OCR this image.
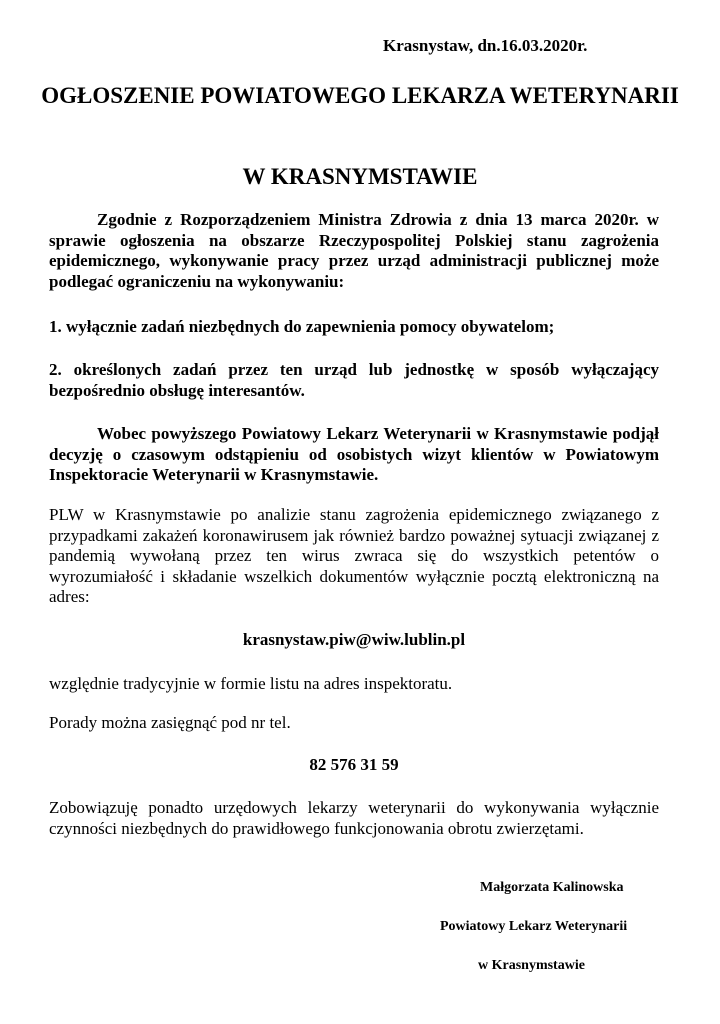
Krasnystaw, dn.16.03.2020r.
OGŁOSZENIE POWIATOWEGO LEKARZA WETERYNARII
W KRASNYMSTAWIE

Zgodnie z Rozporządzeniem Ministra Zdrowia z dnia 13 marca 2020r. w sprawie ogłoszenia na obszarze Rzeczypospolitej Polskiej stanu zagrożenia epidemicznego, wykonywanie pracy przez urząd administracji publicznej może podlegać ograniczeniu na wykonywaniu:

1. wyłącznie zadań niezbędnych do zapewnienia pomocy obywatelom;

2. określonych zadań przez ten urząd lub jednostkę w sposób wyłączający bezpośrednio obsługę interesantów.

Wobec powyższego Powiatowy Lekarz Weterynarii w Krasnymstawie podjął decyzję o czasowym odstąpieniu od osobistych wizyt klientów w Powiatowym Inspektoracie Weterynarii w Krasnymstawie.

PLW w Krasnymstawie po analizie stanu zagrożenia epidemicznego związanego z przypadkami zakażeń koronawirusem jak również bardzo poważnej sytuacji związanej z pandemią wywołaną przez ten wirus zwraca się do wszystkich petentów o wyrozumiałość i składanie wszelkich dokumentów wyłącznie pocztą elektroniczną na adres:

krasnystaw.piw@wiw.lublin.pl

względnie tradycyjnie w formie listu na adres inspektoratu.

Porady można zasięgnąć pod nr tel.

82 576 31 59

Zobowiązuję ponadto urzędowych lekarzy weterynarii do wykonywania wyłącznie czynności niezbędnych do prawidłowego funkcjonowania obrotu zwierzętami.

Małgorzata Kalinowska

Powiatowy Lekarz Weterynarii

w Krasnymstawie
